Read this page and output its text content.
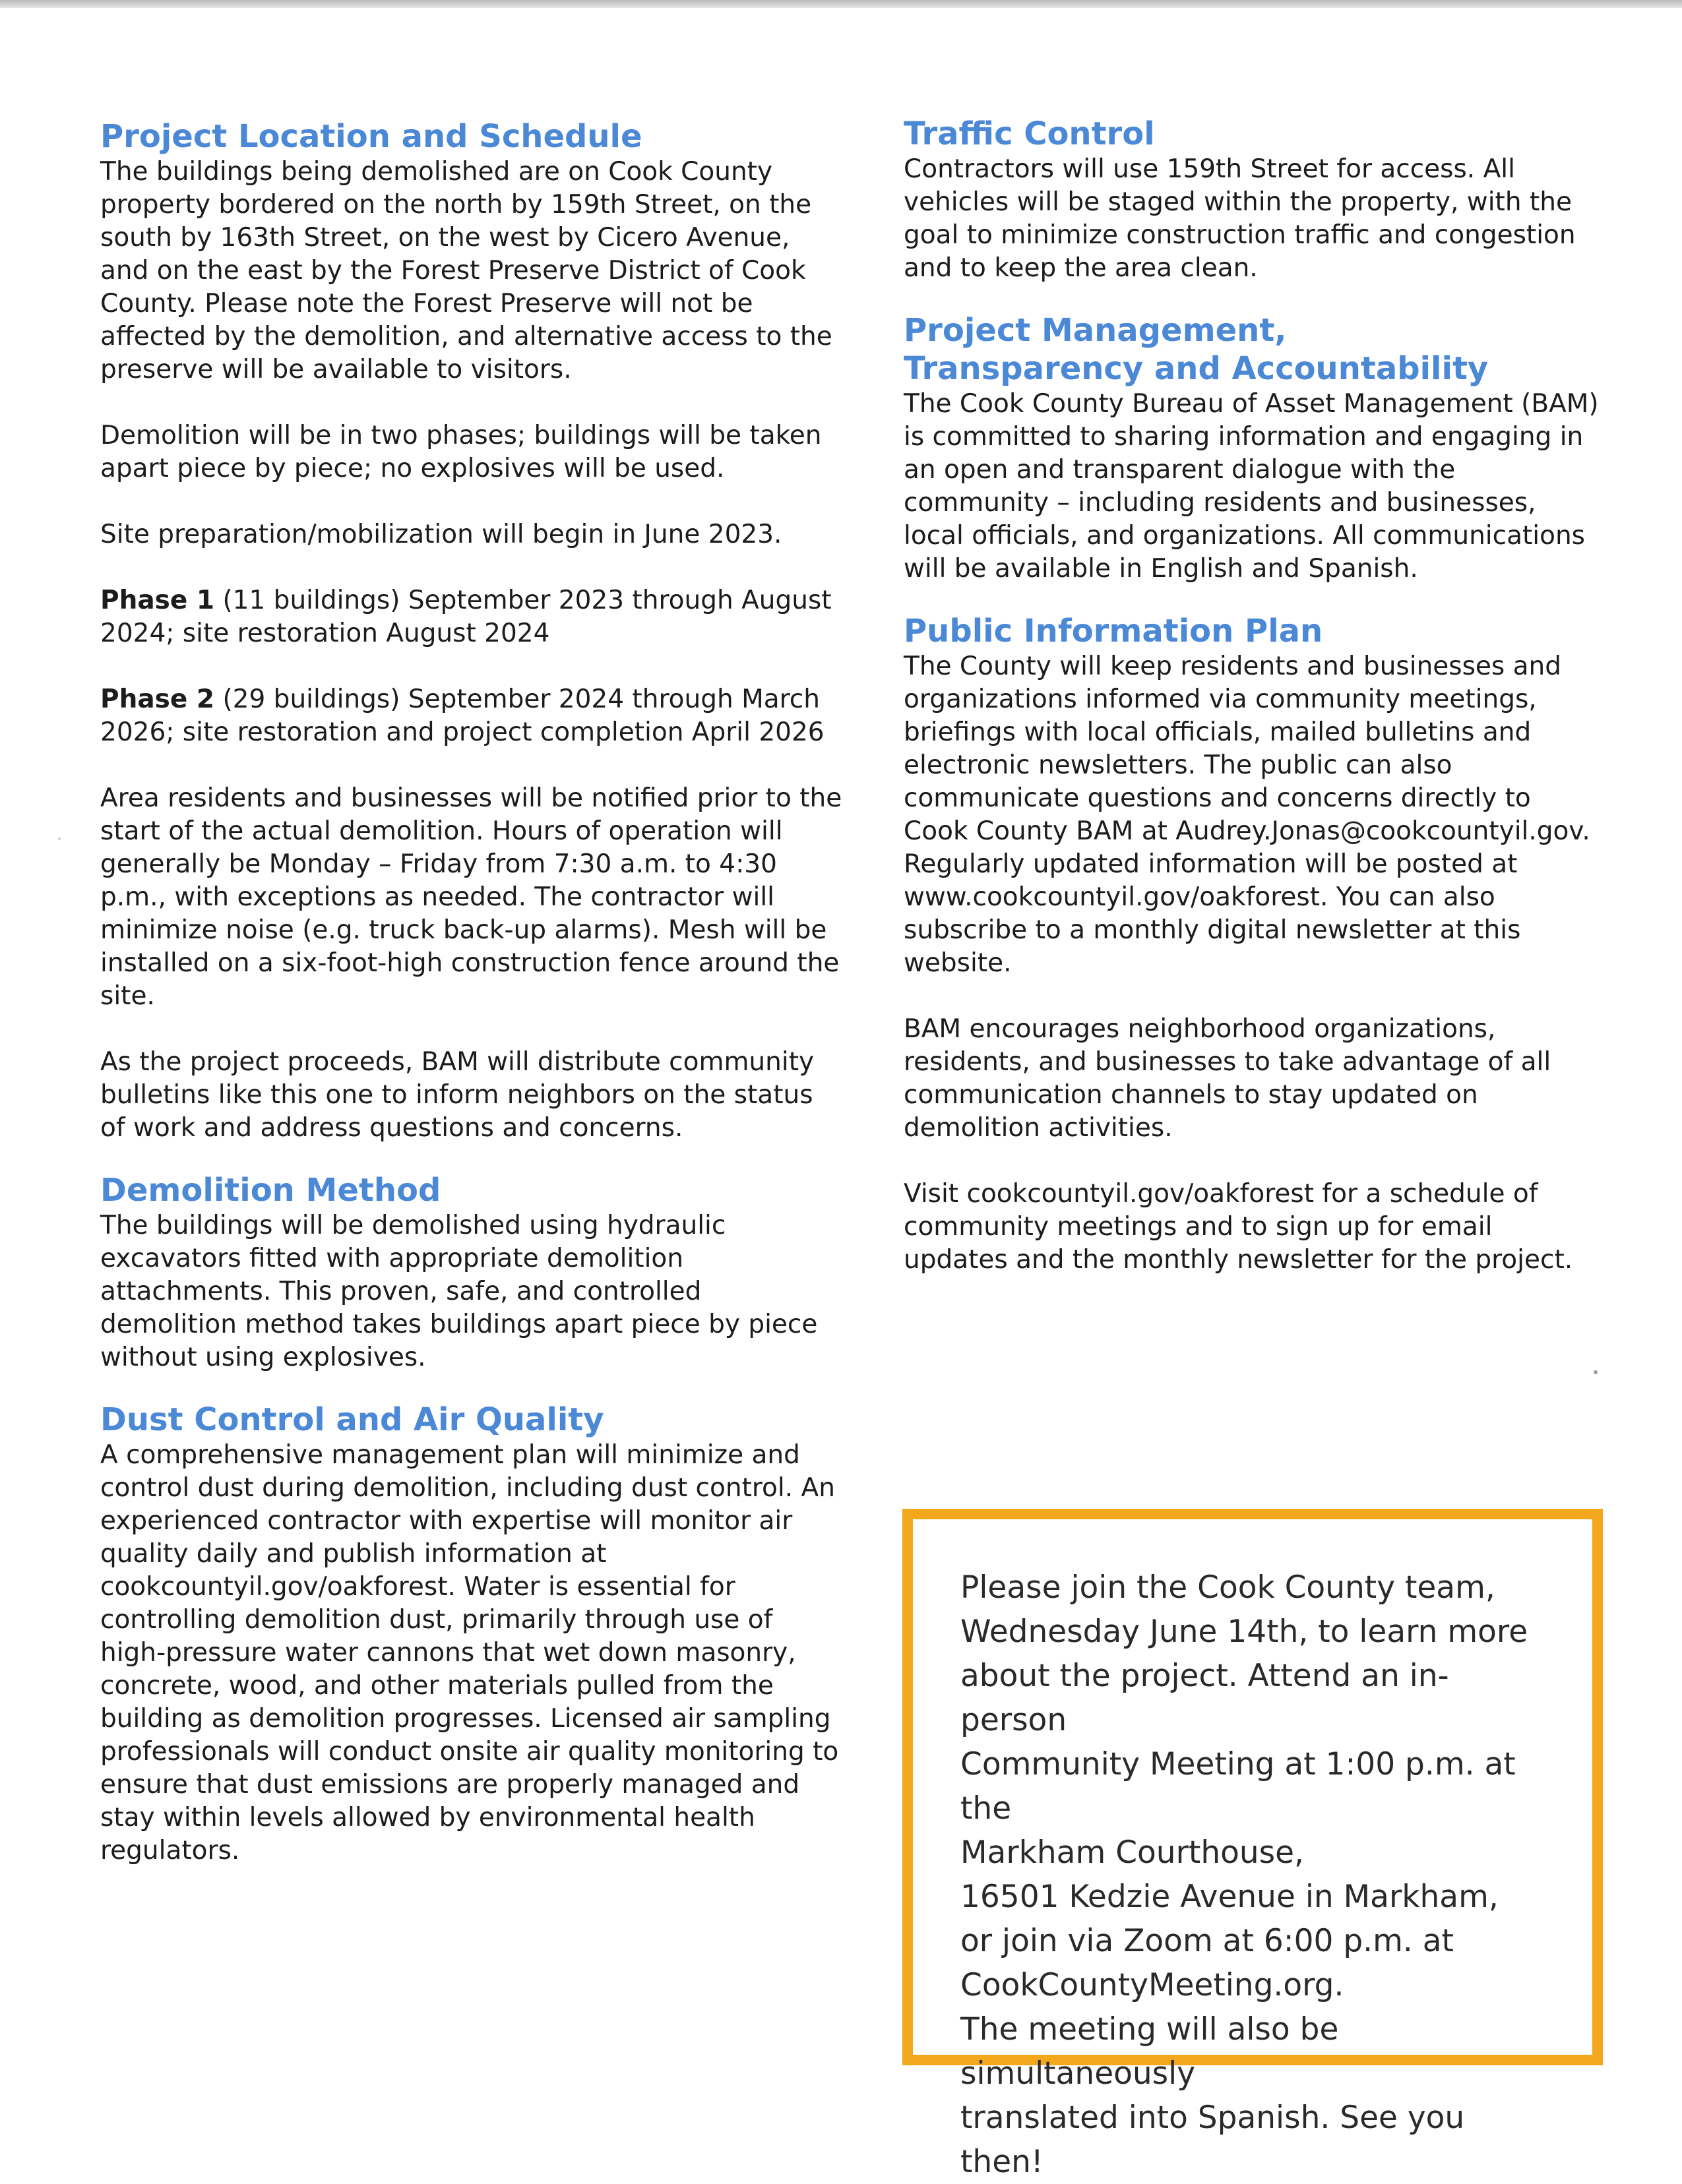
Project Location and Schedule

The buildings being demolished are on Cook County property bordered on the north by 159th Street, on the south by 163th Street, on the west by Cicero Avenue, and on the east by the Forest Preserve District of Cook County. Please note the Forest Preserve will not be affected by the demolition, and alternative access to the preserve will be available to visitors.

Demolition will be in two phases; buildings will be taken apart piece by piece; no explosives will be used.

Site preparation/mobilization will begin in June 2023.

Phase 1 (11 buildings) September 2023 through August 2024; site restoration August 2024

Phase 2 (29 buildings) September 2024 through March 2026; site restoration and project completion April 2026

Area residents and businesses will be notified prior to the start of the actual demolition. Hours of operation will generally be Monday – Friday from 7:30 a.m. to 4:30 p.m., with exceptions as needed. The contractor will minimize noise (e.g. truck back-up alarms). Mesh will be installed on a six-foot-high construction fence around the site.

As the project proceeds, BAM will distribute community bulletins like this one to inform neighbors on the status of work and address questions and concerns.

Demolition Method

The buildings will be demolished using hydraulic excavators fitted with appropriate demolition attachments. This proven, safe, and controlled demolition method takes buildings apart piece by piece without using explosives.

Dust Control and Air Quality

A comprehensive management plan will minimize and control dust during demolition, including dust control. An experienced contractor with expertise will monitor air quality daily and publish information at cookcountyil.gov/oakforest. Water is essential for controlling demolition dust, primarily through use of high-pressure water cannons that wet down masonry, concrete, wood, and other materials pulled from the building as demolition progresses. Licensed air sampling professionals will conduct onsite air quality monitoring to ensure that dust emissions are properly managed and stay within levels allowed by environmental health regulators.

Traffic Control

Contractors will use 159th Street for access. All vehicles will be staged within the property, with the goal to minimize construction traffic and congestion and to keep the area clean.

Project Management,
Transparency and Accountability

The Cook County Bureau of Asset Management (BAM) is committed to sharing information and engaging in an open and transparent dialogue with the community – including residents and businesses, local officials, and organizations. All communications will be available in English and Spanish.

Public Information Plan

The County will keep residents and businesses and organizations informed via community meetings, briefings with local officials, mailed bulletins and electronic newsletters. The public can also communicate questions and concerns directly to Cook County BAM at Audrey.Jonas@cookcountyil.gov. Regularly updated information will be posted at www.cookcountyil.gov/oakforest. You can also subscribe to a monthly digital newsletter at this website.

BAM encourages neighborhood organizations, residents, and businesses to take advantage of all communication channels to stay updated on demolition activities.

Visit cookcountyil.gov/oakforest for a schedule of community meetings and to sign up for email updates and the monthly newsletter for the project.

Please join the Cook County team,
Wednesday June 14th, to learn more
about the project. Attend an in-person
Community Meeting at 1:00 p.m. at the
Markham Courthouse,
16501 Kedzie Avenue in Markham,
or join via Zoom at 6:00 p.m. at
CookCountyMeeting.org.
The meeting will also be simultaneously
translated into Spanish. See you then!
